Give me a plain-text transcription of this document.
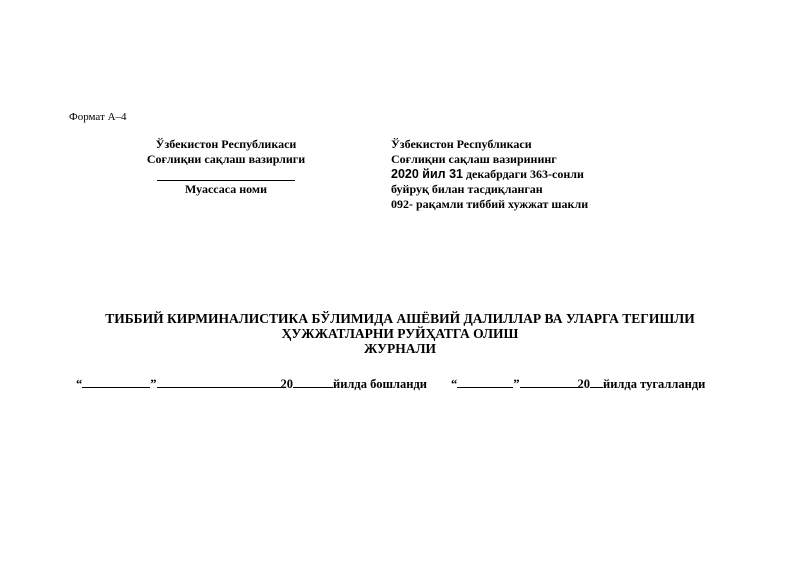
Формат А–4
Ўзбекистон Республикаси
Соғлиқни сақлаш вазирлиги
Муассаса номи
Ўзбекистон Республикаси
Соғлиқни сақлаш вазирининг
2020 йил 31 декабрдаги 363-сонли
буйруқ билан тасдиқланган
092- рақамли тиббий хужжат шакли
ТИББИЙ КИРМИНАЛИСТИКА БЎЛИМИДА АШЁВИЙ ДАЛИЛЛАР ВА УЛАРГА ТЕГИШЛИ
ҲУЖЖАТЛАРНИ РУЙҲАТГА ОЛИШ
ЖУРНАЛИ
“	”	20	йилда бошланди “	”	20 йилда тугалланди
